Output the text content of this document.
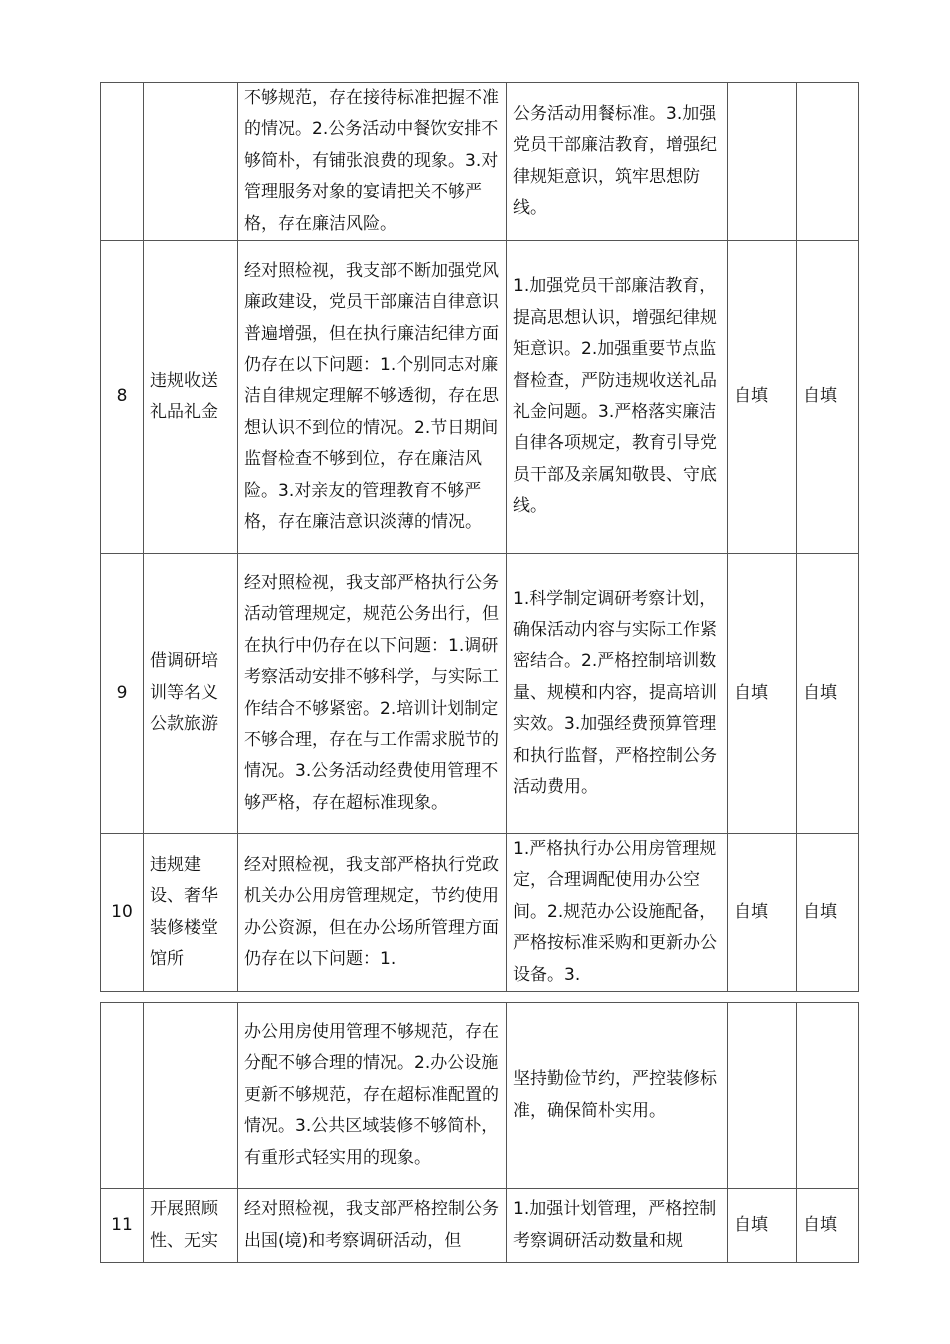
		不够规范，存在接待标准把握不准的情况。2.公务活动中餐饮安排不够简朴，有铺张浪费的现象。3.对管理服务对象的宴请把关不够严格，存在廉洁风险。	公务活动用餐标准。3.加强党员干部廉洁教育，增强纪律规矩意识，筑牢思想防线。		
8	违规收送礼品礼金	经对照检视，我支部不断加强党风廉政建设，党员干部廉洁自律意识普遍增强，但在执行廉洁纪律方面仍存在以下问题：1.个别同志对廉洁自律规定理解不够透彻，存在思想认识不到位的情况。2.节日期间监督检查不够到位，存在廉洁风险。3.对亲友的管理教育不够严格，存在廉洁意识淡薄的情况。	1.加强党员干部廉洁教育，提高思想认识，增强纪律规矩意识。2.加强重要节点监督检查，严防违规收送礼品礼金问题。3.严格落实廉洁自律各项规定，教育引导党员干部及亲属知敬畏、守底线。	自填	自填
9	借调研培训等名义公款旅游	经对照检视，我支部严格执行公务活动管理规定，规范公务出行，但在执行中仍存在以下问题：1.调研考察活动安排不够科学，与实际工作结合不够紧密。2.培训计划制定不够合理，存在与工作需求脱节的情况。3.公务活动经费使用管理不够严格，存在超标准现象。	1.科学制定调研考察计划，确保活动内容与实际工作紧密结合。2.严格控制培训数量、规模和内容，提高培训实效。3.加强经费预算管理和执行监督，严格控制公务活动费用。	自填	自填
10	违规建设、奢华装修楼堂馆所	经对照检视，我支部严格执行党政机关办公用房管理规定，节约使用办公资源，但在办公场所管理方面仍存在以下问题：1.	1.严格执行办公用房管理规定，合理调配使用办公空间。2.规范办公设施配备，严格按标准采购和更新办公设备。3.	自填	自填
		办公用房使用管理不够规范，存在分配不够合理的情况。2.办公设施更新不够规范，存在超标准配置的情况。3.公共区域装修不够简朴，有重形式轻实用的现象。	坚持勤俭节约，严控装修标准，确保简朴实用。		
11	开展照顾性、无实	经对照检视，我支部严格控制公务出国(境)和考察调研活动，但	1.加强计划管理，严格控制考察调研活动数量和规	自填	自填
